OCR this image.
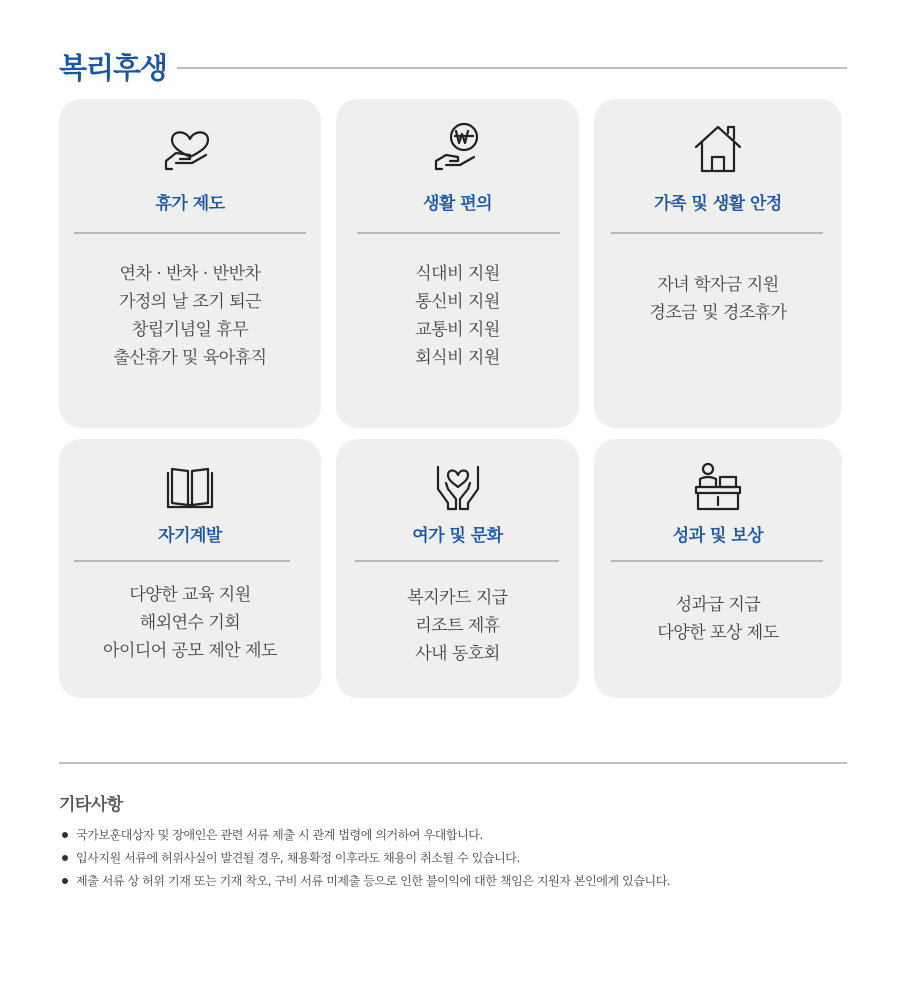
복리후생
휴가 제도
연차 · 반차 · 반반차
가정의 날 조기 퇴근
창립기념일 휴무
출산휴가 및 육아휴직
생활 편의
식대비 지원
통신비 지원
교통비 지원
회식비 지원
가족 및 생활 안정
자녀 학자금 지원
경조금 및 경조휴가
자기계발
다양한 교육 지원
해외연수 기회
아이디어 공모 제안 제도
여가 및 문화
복지카드 지급
리조트 제휴
사내 동호회
성과 및 보상
성과급 지급
다양한 포상 제도
기타사항
국가보훈대상자 및 장애인은 관련 서류 제출 시 관계 법령에 의거하여 우대합니다.
입사지원 서류에 허위사실이 발견될 경우, 채용확정 이후라도 채용이 취소될 수 있습니다.
제출 서류 상 허위 기재 또는 기재 착오, 구비 서류 미제출 등으로 인한 불이익에 대한 책임은 지원자 본인에게 있습니다.
